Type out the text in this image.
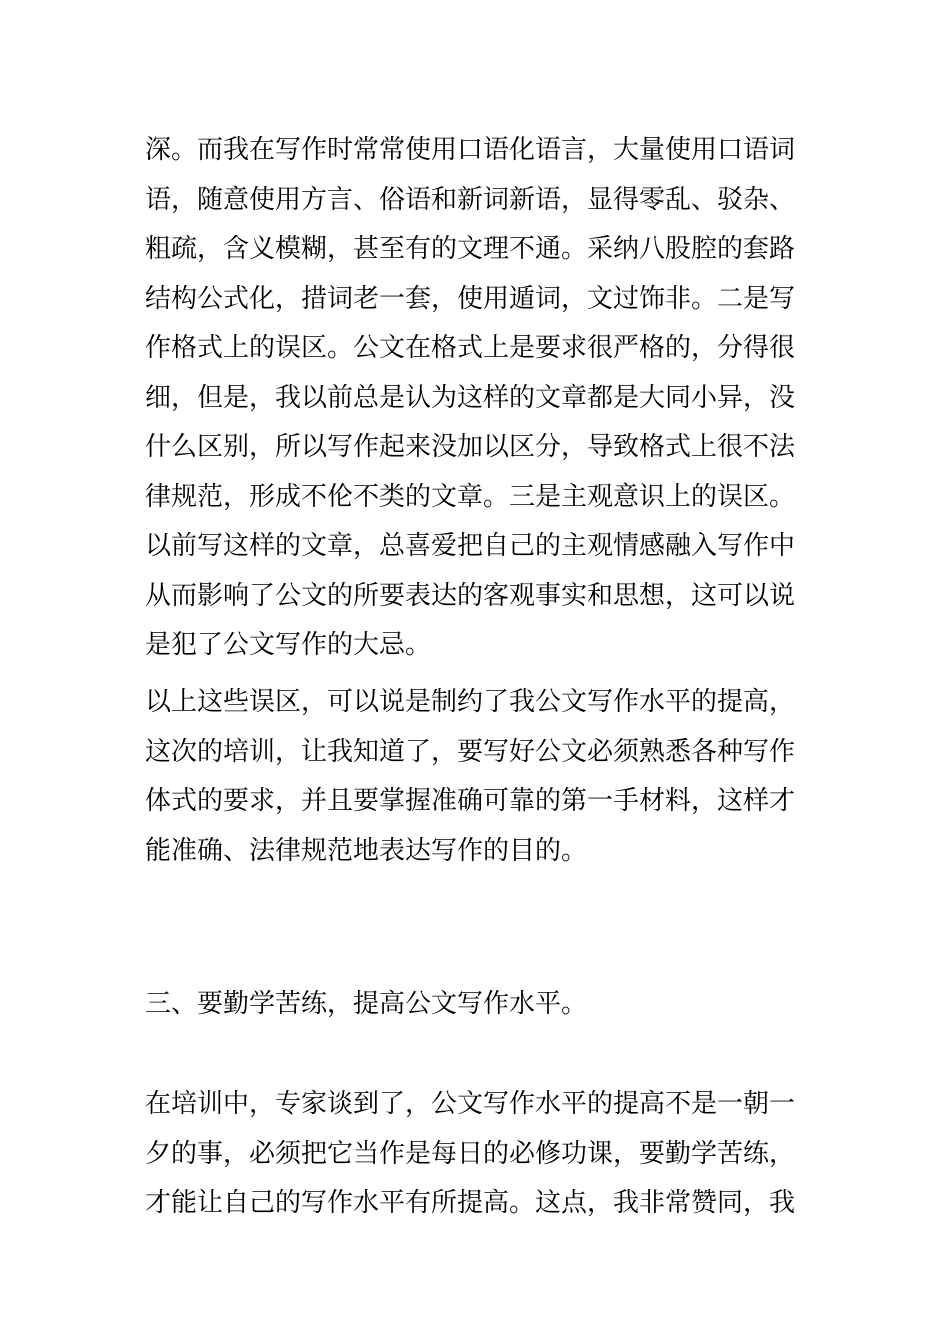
深。而我在写作时常常使用口语化语言，大量使用口语词
语，随意使用方言、俗语和新词新语，显得零乱、驳杂、
粗疏，含义模糊，甚至有的文理不通。采纳八股腔的套路
结构公式化，措词老一套，使用遁词，文过饰非。二是写
作格式上的误区。公文在格式上是要求很严格的，分得很
细，但是，我以前总是认为这样的文章都是大同小异，没
什么区别，所以写作起来没加以区分，导致格式上很不法
律规范，形成不伦不类的文章。三是主观意识上的误区。
以前写这样的文章，总喜爱把自己的主观情感融入写作中
从而影响了公文的所要表达的客观事实和思想，这可以说
是犯了公文写作的大忌。
以上这些误区，可以说是制约了我公文写作水平的提高，
这次的培训，让我知道了，要写好公文必须熟悉各种写作
体式的要求，并且要掌握准确可靠的第一手材料，这样才
能准确、法律规范地表达写作的目的。
三、要勤学苦练，提高公文写作水平。
在培训中，专家谈到了，公文写作水平的提高不是一朝一
夕的事，必须把它当作是每日的必修功课，要勤学苦练，
才能让自己的写作水平有所提高。这点，我非常赞同，我
